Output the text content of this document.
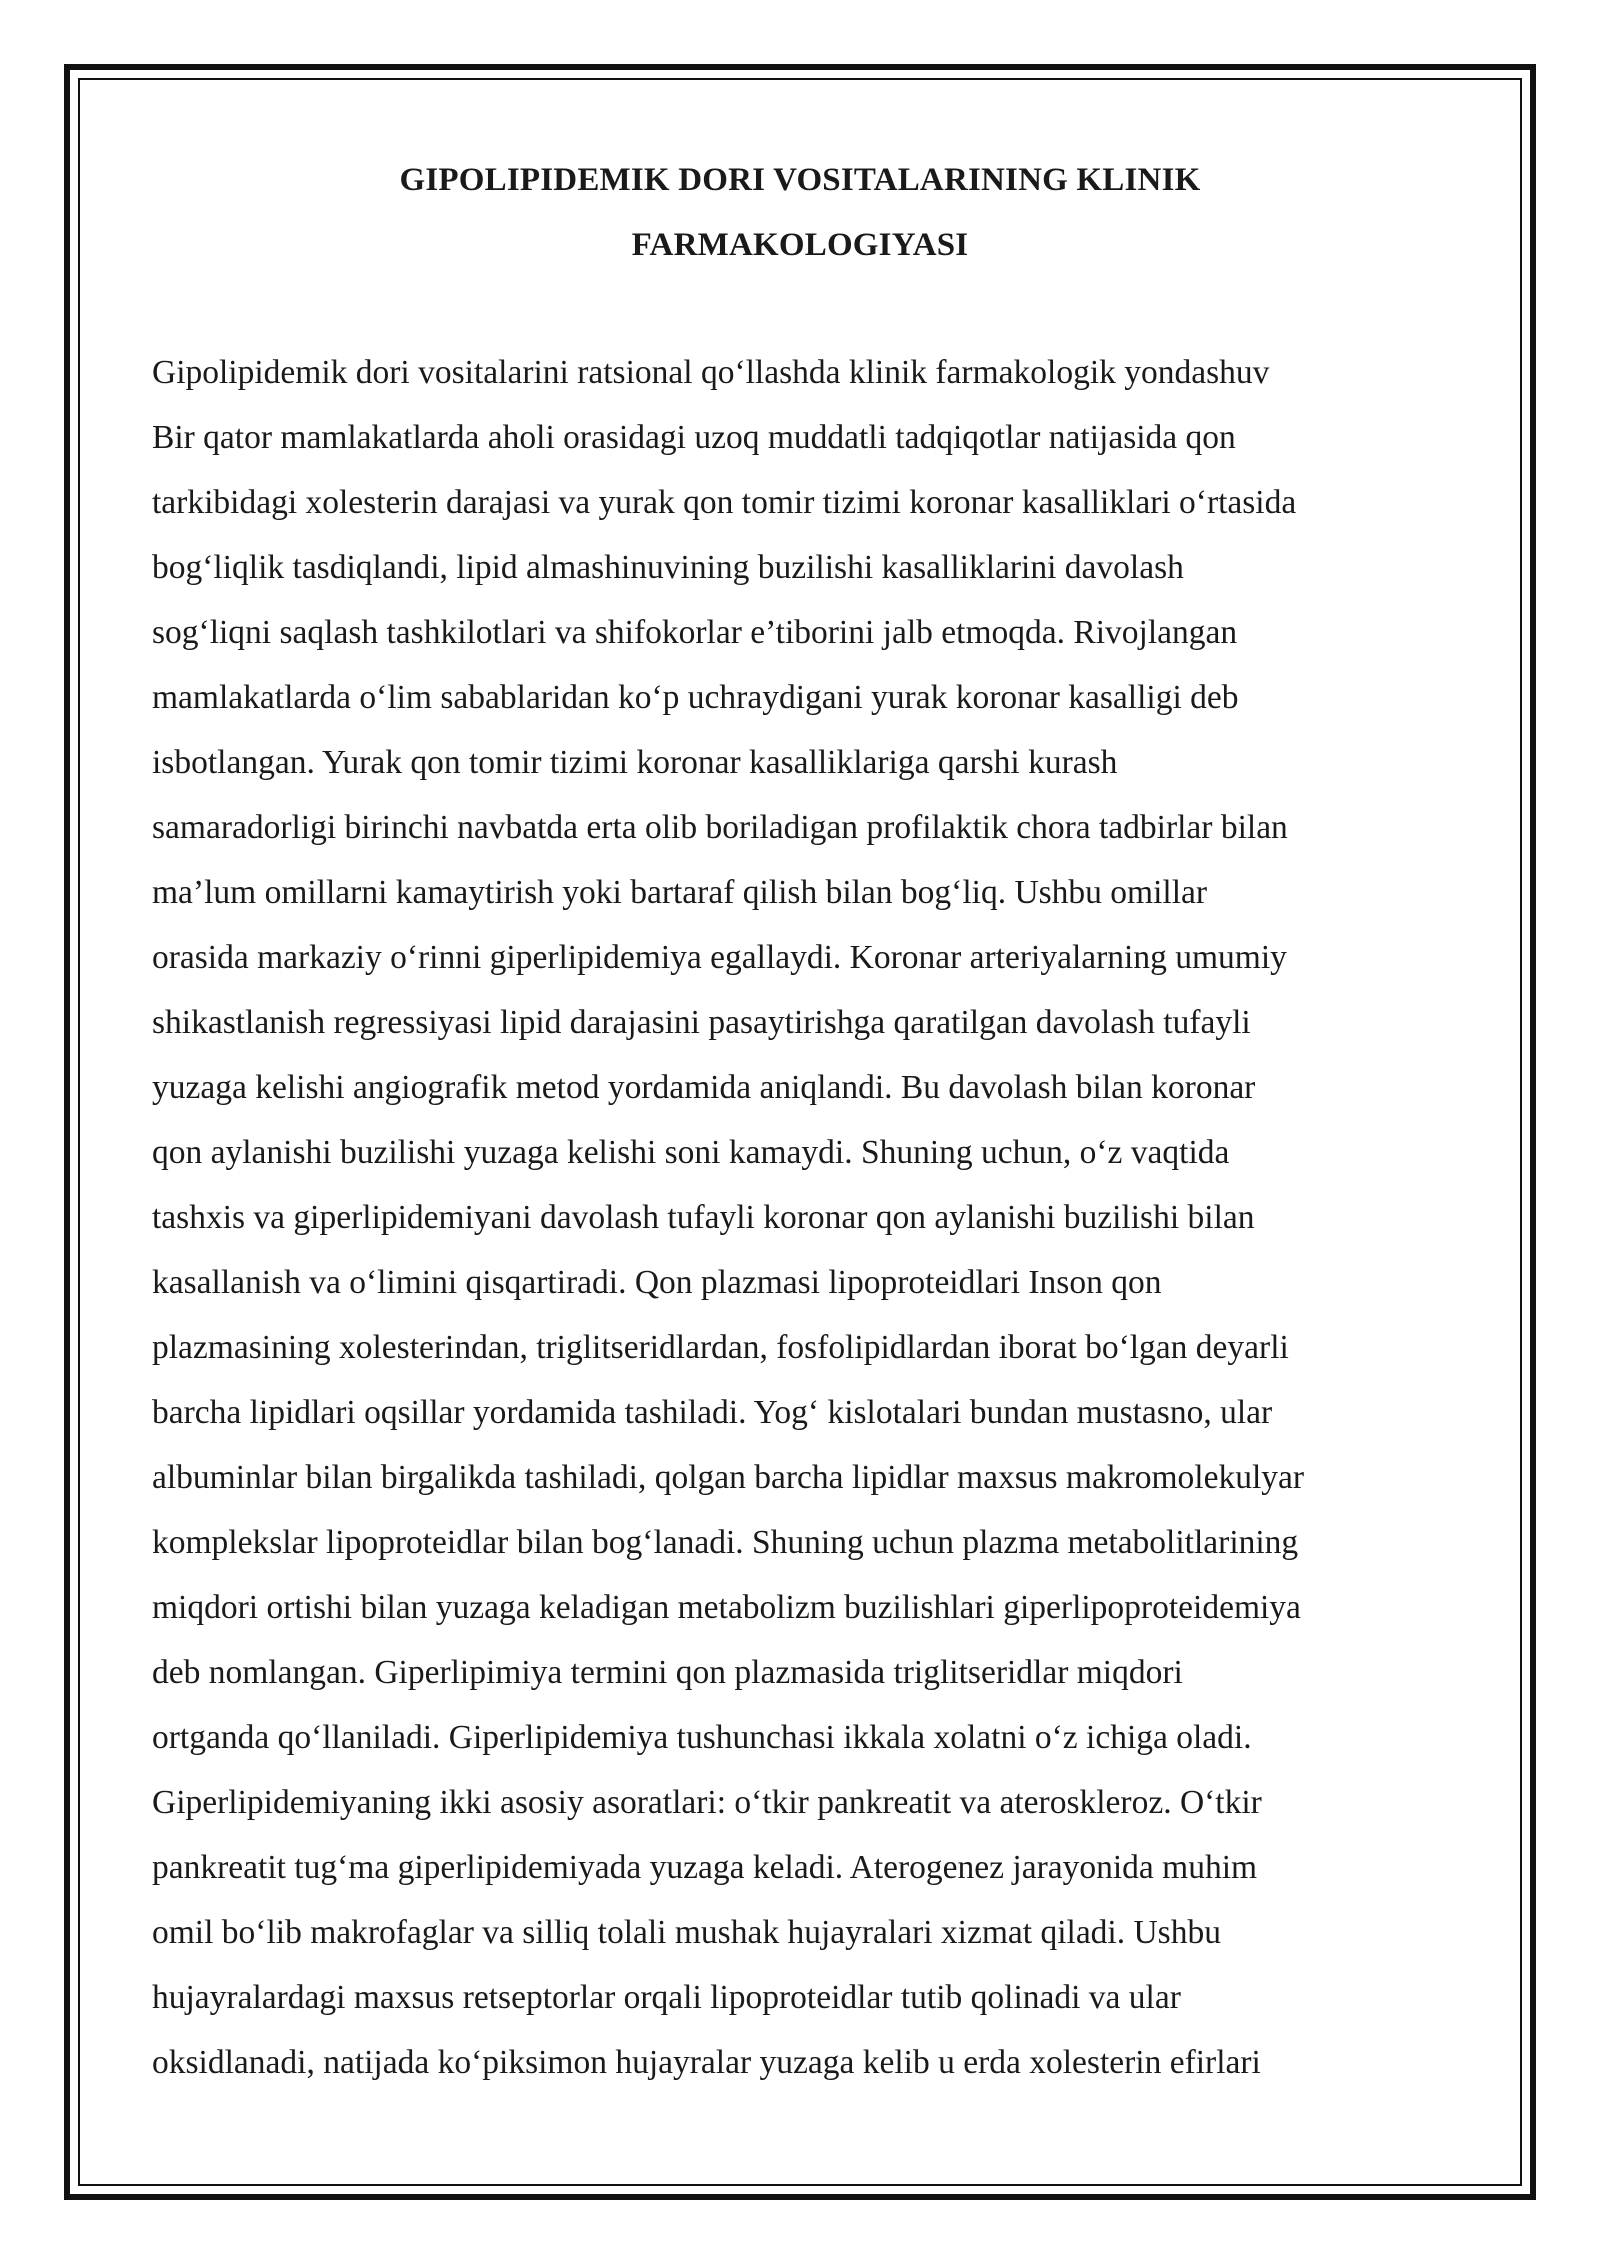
GIPOLIPIDEMIK DORI VOSITALARINING KLINIK
FARMAKOLOGIYASI
Gipolipidemik dori vositalarini ratsional qo‘llashda klinik farmakologik yondashuv
Bir qator mamlakatlarda aholi orasidagi uzoq muddatli tadqiqotlar natijasida qon
tarkibidagi xolesterin darajasi va yurak qon tomir tizimi koronar kasalliklari o‘rtasida
bog‘liqlik tasdiqlandi, lipid almashinuvining buzilishi kasalliklarini davolash
sog‘liqni saqlash tashkilotlari va shifokorlar e’tiborini jalb etmoqda. Rivojlangan
mamlakatlarda o‘lim sabablaridan ko‘p uchraydigani yurak koronar kasalligi deb
isbotlangan. Yurak qon tomir tizimi koronar kasalliklariga qarshi kurash
samaradorligi birinchi navbatda erta olib boriladigan profilaktik chora tadbirlar bilan
ma’lum omillarni kamaytirish yoki bartaraf qilish bilan bog‘liq. Ushbu omillar
orasida markaziy o‘rinni giperlipidemiya egallaydi. Koronar arteriyalarning umumiy
shikastlanish regressiyasi lipid darajasini pasaytirishga qaratilgan davolash tufayli
yuzaga kelishi angiografik metod yordamida aniqlandi. Bu davolash bilan koronar
qon aylanishi buzilishi yuzaga kelishi soni kamaydi. Shuning uchun, o‘z vaqtida
tashxis va giperlipidemiyani davolash tufayli koronar qon aylanishi buzilishi bilan
kasallanish va o‘limini qisqartiradi. Qon plazmasi lipoproteidlari Inson qon
plazmasining xolesterindan, triglitseridlardan, fosfolipidlardan iborat bo‘lgan deyarli
barcha lipidlari oqsillar yordamida tashiladi. Yog‘ kislotalari bundan mustasno, ular
albuminlar bilan birgalikda tashiladi, qolgan barcha lipidlar maxsus makromolekulyar
komplekslar lipoproteidlar bilan bog‘lanadi. Shuning uchun plazma metabolitlarining
miqdori ortishi bilan yuzaga keladigan metabolizm buzilishlari giperlipoproteidemiya
deb nomlangan. Giperlipimiya termini qon plazmasida triglitseridlar miqdori
ortganda qo‘llaniladi. Giperlipidemiya tushunchasi ikkala xolatni o‘z ichiga oladi.
Giperlipidemiyaning ikki asosiy asoratlari: o‘tkir pankreatit va ateroskleroz. O‘tkir
pankreatit tug‘ma giperlipidemiyada yuzaga keladi. Aterogenez jarayonida muhim
omil bo‘lib makrofaglar va silliq tolali mushak hujayralari xizmat qiladi. Ushbu
hujayralardagi maxsus retseptorlar orqali lipoproteidlar tutib qolinadi va ular
oksidlanadi, natijada ko‘piksimon hujayralar yuzaga kelib u erda xolesterin efirlari
